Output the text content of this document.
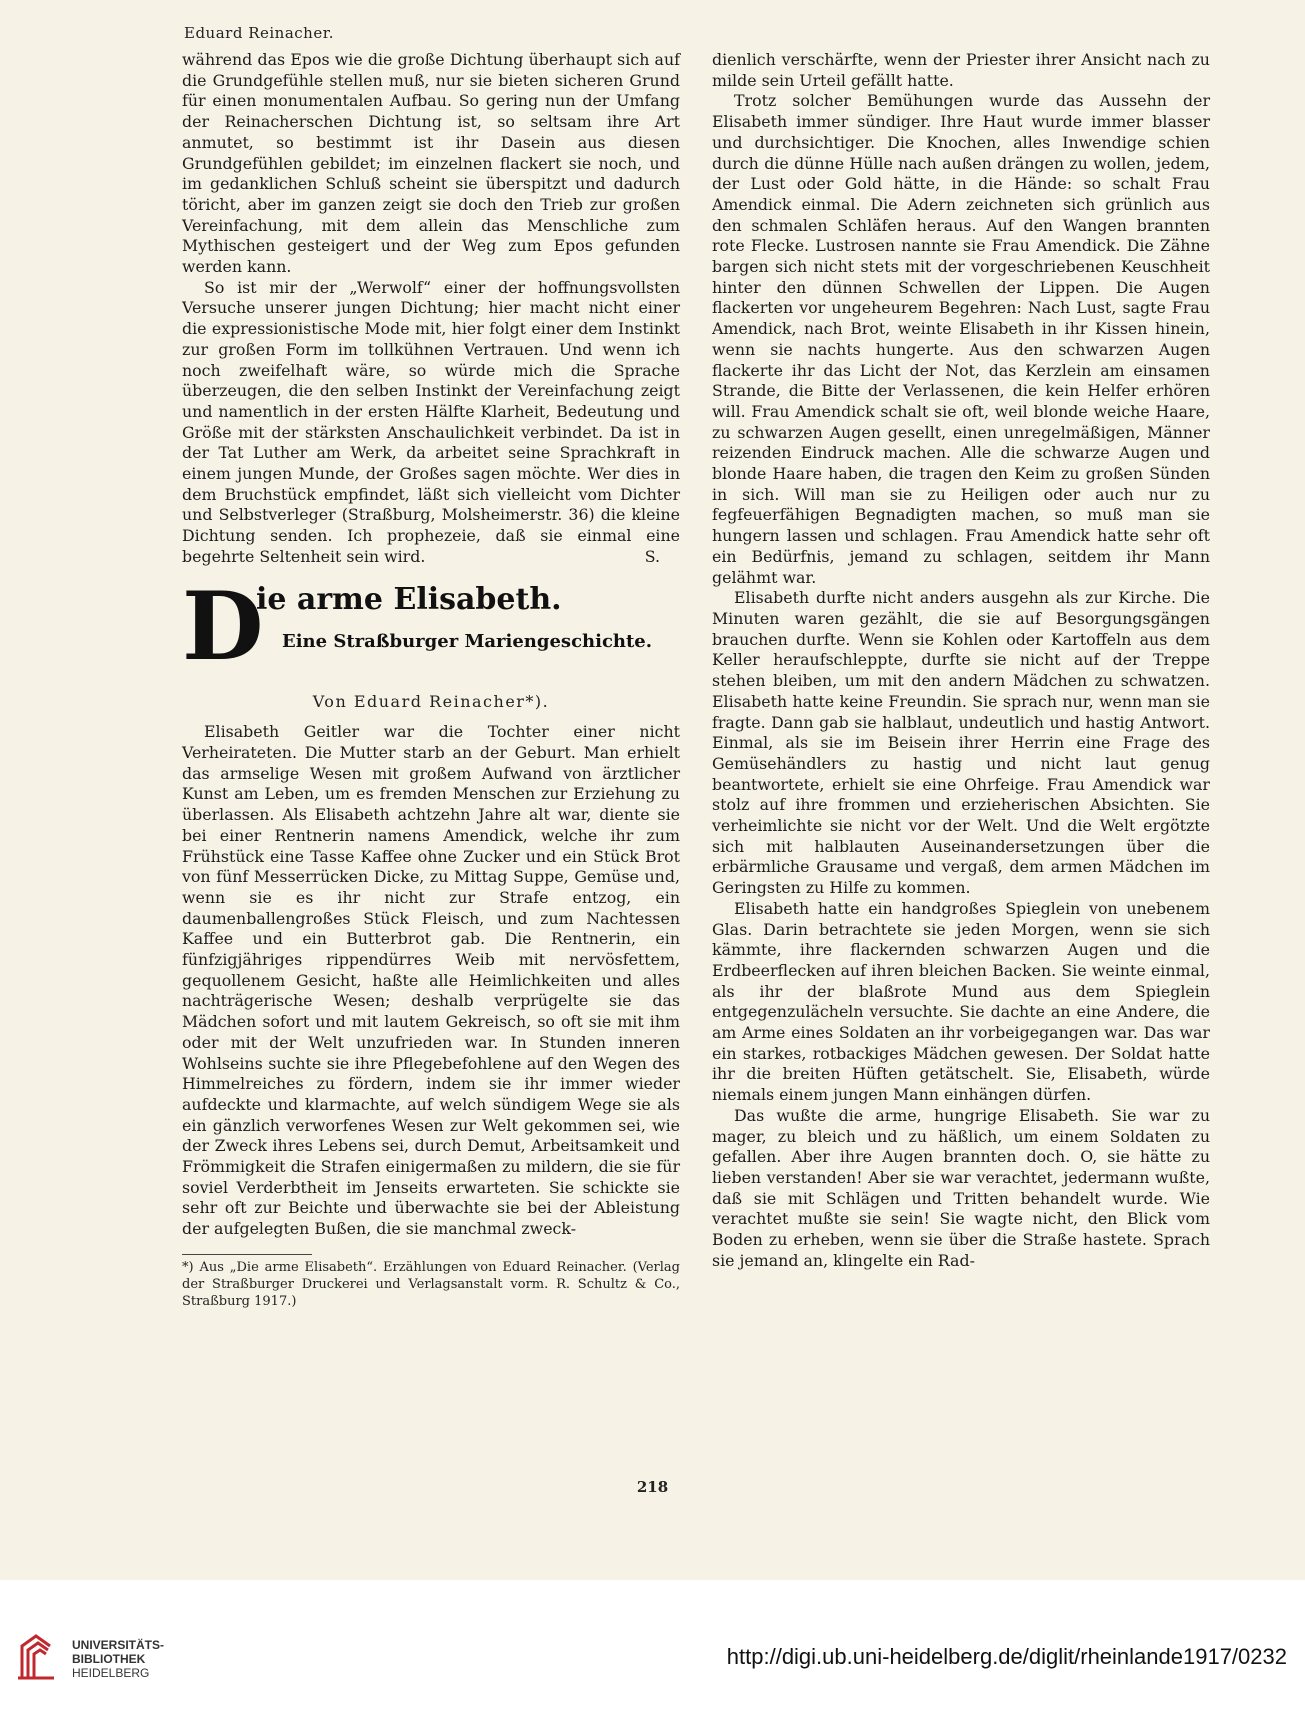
Eduard Reinacher.

während das Epos wie die große Dichtung überhaupt sich auf die Grundgefühle stellen muß, nur sie bieten sicheren Grund für einen monumentalen Aufbau. So gering nun der Umfang der Reinacherschen Dichtung ist, so seltsam ihre Art anmutet, so bestimmt ist ihr Dasein aus diesen Grundgefühlen gebildet; im einzelnen flackert sie noch, und im gedanklichen Schluß scheint sie überspitzt und dadurch töricht, aber im ganzen zeigt sie doch den Trieb zur großen Vereinfachung, mit dem allein das Menschliche zum Mythischen gesteigert und der Weg zum Epos gefunden werden kann.

So ist mir der „Werwolf“ einer der hoffnungsvollsten Versuche unserer jungen Dichtung; hier macht nicht einer die expressionistische Mode mit, hier folgt einer dem Instinkt zur großen Form im tollkühnen Vertrauen. Und wenn ich noch zweifelhaft wäre, so würde mich die Sprache überzeugen, die den selben Instinkt der Vereinfachung zeigt und namentlich in der ersten Hälfte Klarheit, Bedeutung und Größe mit der stärksten Anschaulichkeit verbindet. Da ist in der Tat Luther am Werk, da arbeitet seine Sprachkraft in einem jungen Munde, der Großes sagen möchte. Wer dies in dem Bruchstück empfindet, läßt sich vielleicht vom Dichter und Selbstverleger (Straßburg, Molsheimerstr. 36) die kleine Dichtung senden. Ich prophezeie, daß sie einmal eine begehrte Seltenheit sein wird.	S.
D
ie arme Elisabeth.
Eine Straßburger Mariengeschichte.
Von Eduard Reinacher*).

Elisabeth Geitler war die Tochter einer nicht Verheirateten. Die Mutter starb an der Geburt. Man erhielt das armselige Wesen mit großem Aufwand von ärztlicher Kunst am Leben, um es fremden Menschen zur Erziehung zu überlassen. Als Elisabeth achtzehn Jahre alt war, diente sie bei einer Rentnerin namens Amendick, welche ihr zum Frühstück eine Tasse Kaffee ohne Zucker und ein Stück Brot von fünf Messerrücken Dicke, zu Mittag Suppe, Gemüse und, wenn sie es ihr nicht zur Strafe entzog, ein daumenballengroßes Stück Fleisch, und zum Nachtessen Kaffee und ein Butterbrot gab. Die Rentnerin, ein fünfzigjähriges rippendürres Weib mit nervösfettem, gequollenem Gesicht, haßte alle Heimlichkeiten und alles nachträgerische Wesen; deshalb verprügelte sie das Mädchen sofort und mit lautem Gekreisch, so oft sie mit ihm oder mit der Welt unzufrieden war. In Stunden inneren Wohlseins suchte sie ihre Pflegebefohlene auf den Wegen des Himmelreiches zu fördern, indem sie ihr immer wieder aufdeckte und klarmachte, auf welch sündigem Wege sie als ein gänzlich verworfenes Wesen zur Welt gekommen sei, wie der Zweck ihres Lebens sei, durch Demut, Arbeitsamkeit und Frömmigkeit die Strafen einigermaßen zu mildern, die sie für soviel Verderbtheit im Jenseits erwarteten. Sie schickte sie sehr oft zur Beichte und überwachte sie bei der Ableistung der aufgelegten Bußen, die sie manchmal zweck-

*) Aus „Die arme Elisabeth“. Erzählungen von Eduard Reinacher. (Verlag der Straßburger Druckerei und Verlagsanstalt vorm. R. Schultz & Co., Straßburg 1917.)

dienlich verschärfte, wenn der Priester ihrer Ansicht nach zu milde sein Urteil gefällt hatte.

Trotz solcher Bemühungen wurde das Aussehn der Elisabeth immer sündiger. Ihre Haut wurde immer blasser und durchsichtiger. Die Knochen, alles Inwendige schien durch die dünne Hülle nach außen drängen zu wollen, jedem, der Lust oder Gold hätte, in die Hände: so schalt Frau Amendick einmal. Die Adern zeichneten sich grünlich aus den schmalen Schläfen heraus. Auf den Wangen brannten rote Flecke. Lustrosen nannte sie Frau Amendick. Die Zähne bargen sich nicht stets mit der vorgeschriebenen Keuschheit hinter den dünnen Schwellen der Lippen. Die Augen flackerten vor ungeheurem Begehren: Nach Lust, sagte Frau Amendick, nach Brot, weinte Elisabeth in ihr Kissen hinein, wenn sie nachts hungerte. Aus den schwarzen Augen flackerte ihr das Licht der Not, das Kerzlein am einsamen Strande, die Bitte der Verlassenen, die kein Helfer erhören will. Frau Amendick schalt sie oft, weil blonde weiche Haare, zu schwarzen Augen gesellt, einen unregelmäßigen, Männer reizenden Eindruck machen. Alle die schwarze Augen und blonde Haare haben, die tragen den Keim zu großen Sünden in sich. Will man sie zu Heiligen oder auch nur zu fegfeuerfähigen Begnadigten machen, so muß man sie hungern lassen und schlagen. Frau Amendick hatte sehr oft ein Bedürfnis, jemand zu schlagen, seitdem ihr Mann gelähmt war.

Elisabeth durfte nicht anders ausgehn als zur Kirche. Die Minuten waren gezählt, die sie auf Besorgungsgängen brauchen durfte. Wenn sie Kohlen oder Kartoffeln aus dem Keller heraufschleppte, durfte sie nicht auf der Treppe stehen bleiben, um mit den andern Mädchen zu schwatzen. Elisabeth hatte keine Freundin. Sie sprach nur, wenn man sie fragte. Dann gab sie halblaut, undeutlich und hastig Antwort. Einmal, als sie im Beisein ihrer Herrin eine Frage des Gemüsehändlers zu hastig und nicht laut genug beantwortete, erhielt sie eine Ohrfeige. Frau Amendick war stolz auf ihre frommen und erzieherischen Absichten. Sie verheimlichte sie nicht vor der Welt. Und die Welt ergötzte sich mit halblauten Auseinandersetzungen über die erbärmliche Grausame und vergaß, dem armen Mädchen im Geringsten zu Hilfe zu kommen.

Elisabeth hatte ein handgroßes Spieglein von unebenem Glas. Darin betrachtete sie jeden Morgen, wenn sie sich kämmte, ihre flackernden schwarzen Augen und die Erdbeerflecken auf ihren bleichen Backen. Sie weinte einmal, als ihr der blaßrote Mund aus dem Spieglein entgegenzulächeln versuchte. Sie dachte an eine Andere, die am Arme eines Soldaten an ihr vorbeigegangen war. Das war ein starkes, rotbackiges Mädchen gewesen. Der Soldat hatte ihr die breiten Hüften getätschelt. Sie, Elisabeth, würde niemals einem jungen Mann einhängen dürfen.

Das wußte die arme, hungrige Elisabeth. Sie war zu mager, zu bleich und zu häßlich, um einem Soldaten zu gefallen. Aber ihre Augen brannten doch. O, sie hätte zu lieben verstanden! Aber sie war verachtet, jedermann wußte, daß sie mit Schlägen und Tritten behandelt wurde. Wie verachtet mußte sie sein! Sie wagte nicht, den Blick vom Boden zu erheben, wenn sie über die Straße hastete. Sprach sie jemand an, klingelte ein Rad-

218
UNIVERSITÄTS-
BIBLIOTHEK
HEIDELBERG
http://digi.ub.uni-heidelberg.de/diglit/rheinlande1917/0232
